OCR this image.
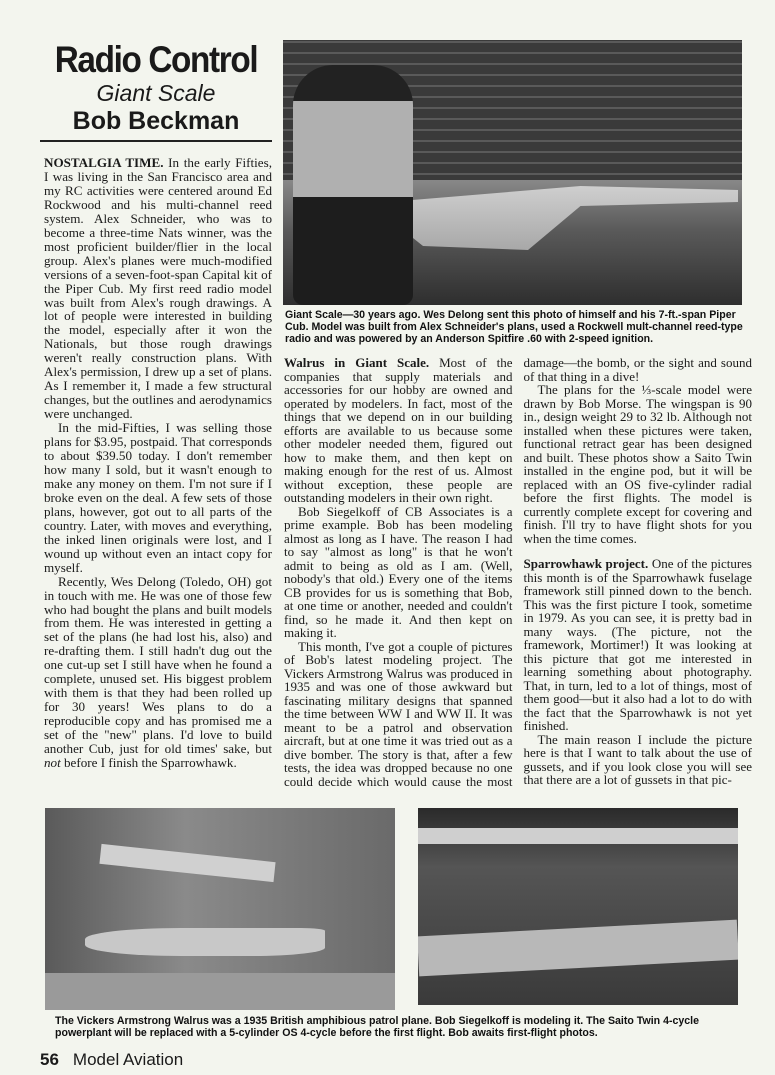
Radio Control
Giant Scale
Bob Beckman
Giant Scale—30 years ago. Wes Delong sent this photo of himself and his 7-ft.-span Piper Cub. Model was built from Alex Schneider's plans, used a Rockwell mult-channel reed-type radio and was powered by an Anderson Spitfire .60 with 2-speed ignition.

NOSTALGIA TIME. In the early Fifties, I was living in the San Francisco area and my RC activities were centered around Ed Rockwood and his multi-channel reed system. Alex Schneider, who was to become a three-time Nats winner, was the most proficient builder/flier in the local group. Alex's planes were much-modified versions of a seven-foot-span Capital kit of the Piper Cub. My first reed radio model was built from Alex's rough drawings. A lot of people were interested in building the model, especially after it won the Nationals, but those rough drawings weren't really construction plans. With Alex's permission, I drew up a set of plans. As I remember it, I made a few structural changes, but the outlines and aerodynamics were unchanged.

In the mid-Fifties, I was selling those plans for $3.95, postpaid. That corresponds to about $39.50 today. I don't remember how many I sold, but it wasn't enough to make any money on them. I'm not sure if I broke even on the deal. A few sets of those plans, however, got out to all parts of the country. Later, with moves and everything, the inked linen originals were lost, and I wound up without even an intact copy for myself.

Recently, Wes Delong (Toledo, OH) got in touch with me. He was one of those few who had bought the plans and built models from them. He was interested in getting a set of the plans (he had lost his, also) and re-drafting them. I still hadn't dug out the one cut-up set I still have when he found a complete, unused set. His biggest problem with them is that they had been rolled up for 30 years! Wes plans to do a reproducible copy and has promised me a set of the "new" plans. I'd love to build another Cub, just for old times' sake, but not before I finish the Sparrowhawk.

Walrus in Giant Scale. Most of the companies that supply materials and accessories for our hobby are owned and operated by modelers. In fact, most of the things that we depend on in our building efforts are available to us because some other modeler needed them, figured out how to make them, and then kept on making enough for the rest of us. Almost without exception, these people are outstanding modelers in their own right.

Bob Siegelkoff of CB Associates is a prime example. Bob has been modeling almost as long as I have. The reason I had to say "almost as long" is that he won't admit to being as old as I am. (Well, nobody's that old.) Every one of the items CB provides for us is something that Bob, at one time or another, needed and couldn't find, so he made it. And then kept on making it.

This month, I've got a couple of pictures of Bob's latest modeling project. The Vickers Armstrong Walrus was produced in 1935 and was one of those awkward but fascinating military designs that spanned the time between WW I and WW II. It was meant to be a patrol and observation aircraft, but at one time it was tried out as a dive bomber. The story is that, after a few tests, the idea was dropped because no one could decide which would cause the most damage—the bomb, or the sight and sound of that thing in a dive!

The plans for the ⅓-scale model were drawn by Bob Morse. The wingspan is 90 in., design weight 29 to 32 lb. Although not installed when these pictures were taken, functional retract gear has been designed and built. These photos show a Saito Twin installed in the engine pod, but it will be replaced with an OS five-cylinder radial before the first flights. The model is currently complete except for covering and finish. I'll try to have flight shots for you when the time comes.

Sparrowhawk project. One of the pictures this month is of the Sparrowhawk fuselage framework still pinned down to the bench. This was the first picture I took, sometime in 1979. As you can see, it is pretty bad in many ways. (The picture, not the framework, Mortimer!) It was looking at this picture that got me interested in learning something about photography. That, in turn, led to a lot of things, most of them good—but it also had a lot to do with the fact that the Sparrowhawk is not yet finished.

The main reason I include the picture here is that I want to talk about the use of gussets, and if you look close you will see that there are a lot of gussets in that pic-

The Vickers Armstrong Walrus was a 1935 British amphibious patrol plane. Bob Siegelkoff is modeling it. The Saito Twin 4-cycle powerplant will be replaced with a 5-cylinder OS 4-cycle before the first flight. Bob awaits first-flight photos.
56 Model Aviation
